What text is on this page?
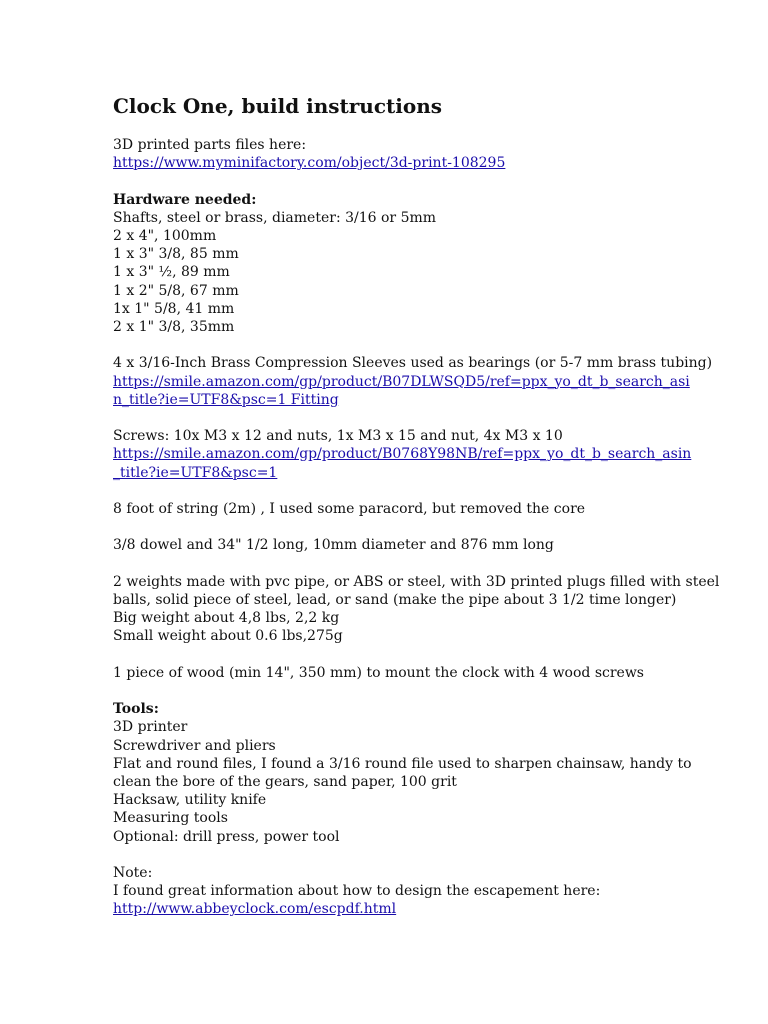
Clock One, build instructions
3D printed parts files here:
https://www.myminifactory.com/object/3d-print-108295
Hardware needed:
Shafts, steel or brass, diameter: 3/16 or 5mm
2 x 4", 100mm
1 x 3" 3/8, 85 mm
1 x 3" ½, 89 mm
1 x 2" 5/8, 67 mm
1x 1" 5/8, 41 mm
2 x 1" 3/8, 35mm
4 x 3/16-Inch Brass Compression Sleeves used as bearings (or 5-7 mm brass tubing)
https://smile.amazon.com/gp/product/B07DLWSQD5/ref=ppx_yo_dt_b_search_asi
n_title?ie=UTF8&psc=1 Fitting
Screws: 10x M3 x 12 and nuts, 1x M3 x 15 and nut, 4x M3 x 10
https://smile.amazon.com/gp/product/B0768Y98NB/ref=ppx_yo_dt_b_search_asin
_title?ie=UTF8&psc=1
8 foot of string (2m) , I used some paracord, but removed the core
3/8 dowel and 34" 1/2 long, 10mm diameter and 876 mm long
2 weights made with pvc pipe, or ABS or steel, with 3D printed plugs filled with steel
balls, solid piece of steel, lead, or sand (make the pipe about 3 1/2 time longer)
Big weight about 4,8 lbs, 2,2 kg
Small weight about 0.6 lbs,275g
1 piece of wood (min 14", 350 mm) to mount the clock with 4 wood screws
Tools:
3D printer
Screwdriver and pliers
Flat and round files, I found a 3/16 round file used to sharpen chainsaw, handy to
clean the bore of the gears, sand paper, 100 grit
Hacksaw, utility knife
Measuring tools
Optional: drill press, power tool
Note:
I found great information about how to design the escapement here:
http://www.abbeyclock.com/escpdf.html
